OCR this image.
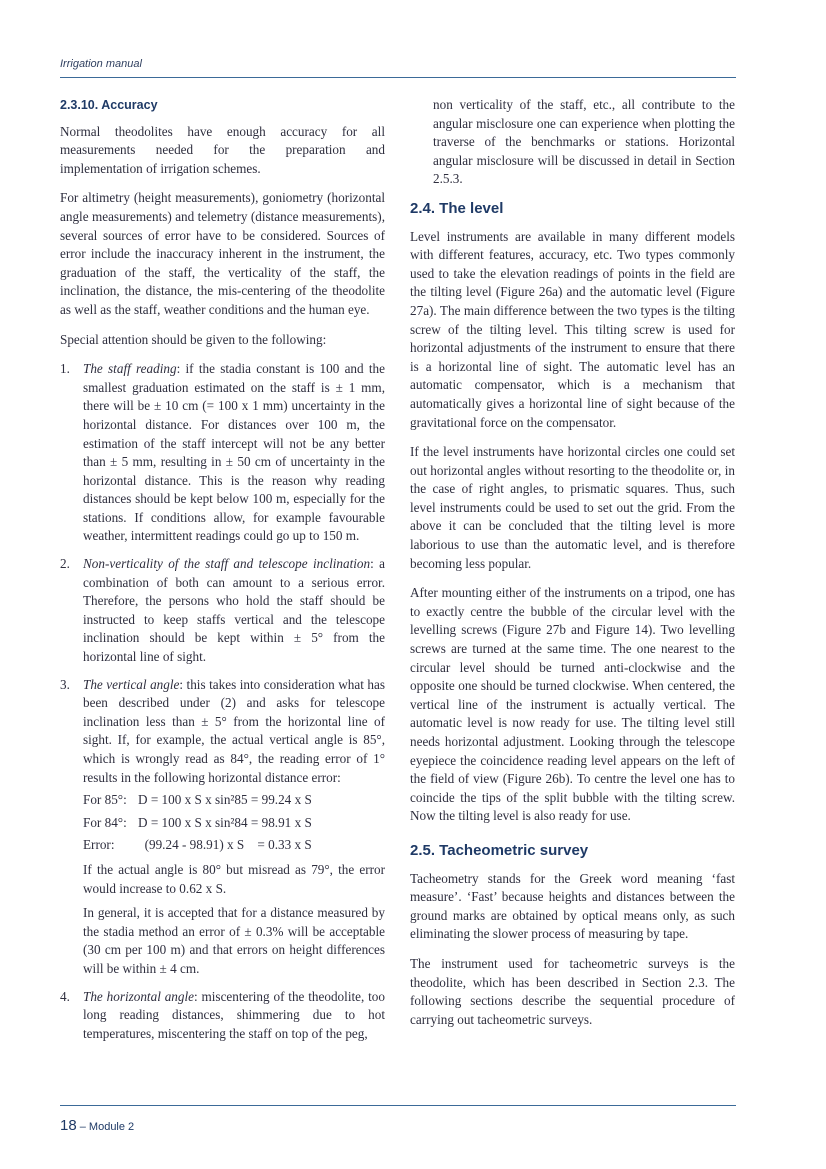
Irrigation manual
2.3.10. Accuracy

Normal theodolites have enough accuracy for all measurements needed for the preparation and implementation of irrigation schemes.

For altimetry (height measurements), goniometry (horizontal angle measurements) and telemetry (distance measurements), several sources of error have to be considered. Sources of error include the inaccuracy inherent in the instrument, the graduation of the staff, the verticality of the staff, the inclination, the distance, the mis-centering of the theodolite as well as the staff, weather conditions and the human eye.

Special attention should be given to the following:

1. The staff reading: if the stadia constant is 100 and the smallest graduation estimated on the staff is ± 1 mm, there will be ± 10 cm (= 100 x 1 mm) uncertainty in the horizontal distance. For distances over 100 m, the estimation of the staff intercept will not be any better than ± 5 mm, resulting in ± 50 cm of uncertainty in the horizontal distance. This is the reason why reading distances should be kept below 100 m, especially for the stations. If conditions allow, for example favourable weather, intermittent readings could go up to 150 m.

2. Non-verticality of the staff and telescope inclination: a combination of both can amount to a serious error. Therefore, the persons who hold the staff should be instructed to keep staffs vertical and the telescope inclination should be kept within ± 5° from the horizontal line of sight.

3. The vertical angle: this takes into consideration what has been described under (2) and asks for telescope inclination less than ± 5° from the horizontal line of sight. If, for example, the actual vertical angle is 85°, which is wrongly read as 84°, the reading error of 1° results in the following horizontal distance error:

For 85°: D = 100 x S x sin²85 = 99.24 x S
For 84°: D = 100 x S x sin²84 = 98.91 x S
Error:  (99.24 - 98.91) x S    = 0.33 x S

If the actual angle is 80° but misread as 79°, the error would increase to 0.62 x S.

In general, it is accepted that for a distance measured by the stadia method an error of ± 0.3% will be acceptable (30 cm per 100 m) and that errors on height differences will be within ± 4 cm.

4. The horizontal angle: miscentering of the theodolite, too long reading distances, shimmering due to hot temperatures, miscentering the staff on top of the peg,

non verticality of the staff, etc., all contribute to the angular misclosure one can experience when plotting the traverse of the benchmarks or stations. Horizontal angular misclosure will be discussed in detail in Section 2.5.3.

2.4. The level

Level instruments are available in many different models with different features, accuracy, etc. Two types commonly used to take the elevation readings of points in the field are the tilting level (Figure 26a) and the automatic level (Figure 27a). The main difference between the two types is the tilting screw of the tilting level. This tilting screw is used for horizontal adjustments of the instrument to ensure that there is a horizontal line of sight. The automatic level has an automatic compensator, which is a mechanism that automatically gives a horizontal line of sight because of the gravitational force on the compensator.

If the level instruments have horizontal circles one could set out horizontal angles without resorting to the theodolite or, in the case of right angles, to prismatic squares. Thus, such level instruments could be used to set out the grid. From the above it can be concluded that the tilting level is more laborious to use than the automatic level, and is therefore becoming less popular.

After mounting either of the instruments on a tripod, one has to exactly centre the bubble of the circular level with the levelling screws (Figure 27b and Figure 14). Two levelling screws are turned at the same time. The one nearest to the circular level should be turned anti-clockwise and the opposite one should be turned clockwise. When centered, the vertical line of the instrument is actually vertical. The automatic level is now ready for use. The tilting level still needs horizontal adjustment. Looking through the telescope eyepiece the coincidence reading level appears on the left of the field of view (Figure 26b). To centre the level one has to coincide the tips of the split bubble with the tilting screw. Now the tilting level is also ready for use.

2.5. Tacheometric survey

Tacheometry stands for the Greek word meaning ‘fast measure’. ‘Fast’ because heights and distances between the ground marks are obtained by optical means only, as such eliminating the slower process of measuring by tape.

The instrument used for tacheometric surveys is the theodolite, which has been described in Section 2.3. The following sections describe the sequential procedure of carrying out tacheometric surveys.

18 – Module 2
